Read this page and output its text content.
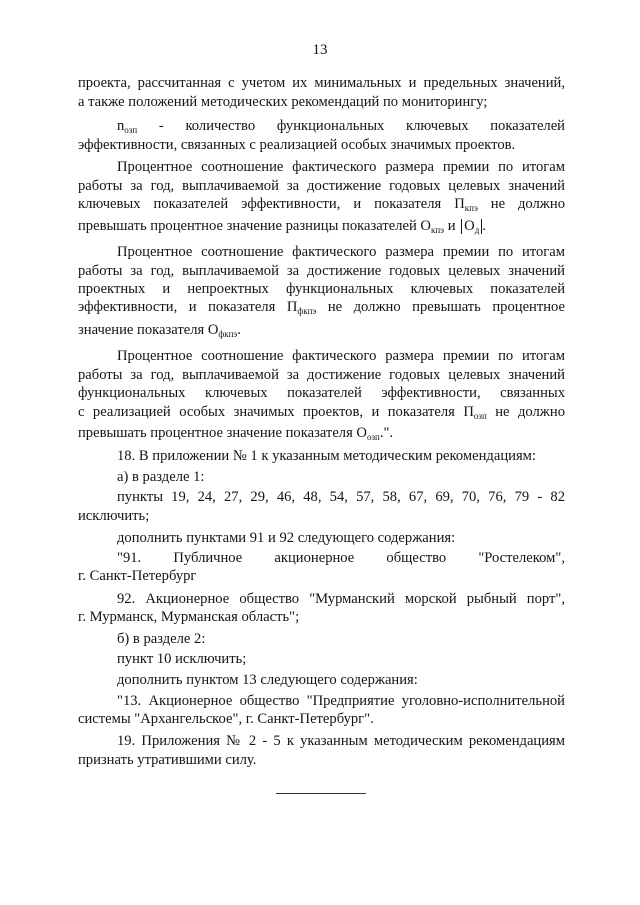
13
проекта, рассчитанная с учетом их минимальных и предельных значений,
а также положений методических рекомендаций по мониторингу;
$n_{озп}$ - количество функциональных ключевых показателей
эффективности, связанных с реализацией особых значимых проектов.
Процентное соотношение фактического размера премии по итогам
работы за год, выплачиваемой за достижение годовых целевых значений
ключевых показателей эффективности, и показателя $П_{кпэ}$ не должно
превышать процентное значение разницы показателей $О_{кпэ}$ и $О_д$ .
Процентное соотношение фактического размера премии по итогам
работы за год, выплачиваемой за достижение годовых целевых значений
проектных и непроектных функциональных ключевых показателей
эффективности, и показателя $П_{фкпэ}$ не должно превышать процентное
значение показателя $О_{фкпэ}$.
Процентное соотношение фактического размера премии по итогам
работы за год, выплачиваемой за достижение годовых целевых значений
функциональных ключевых показателей эффективности, связанных
с реализацией особых значимых проектов, и показателя $П_{озп}$ не должно
превышать процентное значение показателя $О_{озп}$.".
18. В приложении № 1 к указанным методическим рекомендациям:
а) в разделе 1:
пункты 19, 24, 27, 29, 46, 48, 54, 57, 58, 67, 69, 70, 76, 79 - 82
исключить;
дополнить пунктами 91 и 92 следующего содержания:
"91. Публичное акционерное общество "Ростелеком",
г. Санкт-Петербург
92. Акционерное общество "Мурманский морской рыбный порт",
г. Мурманск, Мурманская область";
б) в разделе 2:
пункт 10 исключить;
дополнить пунктом 13 следующего содержания:
"13. Акционерное общество "Предприятие уголовно-исполнительной
системы "Архангельское", г. Санкт-Петербург".
19. Приложения № 2 - 5 к указанным методическим рекомендациям
признать утратившими силу.
